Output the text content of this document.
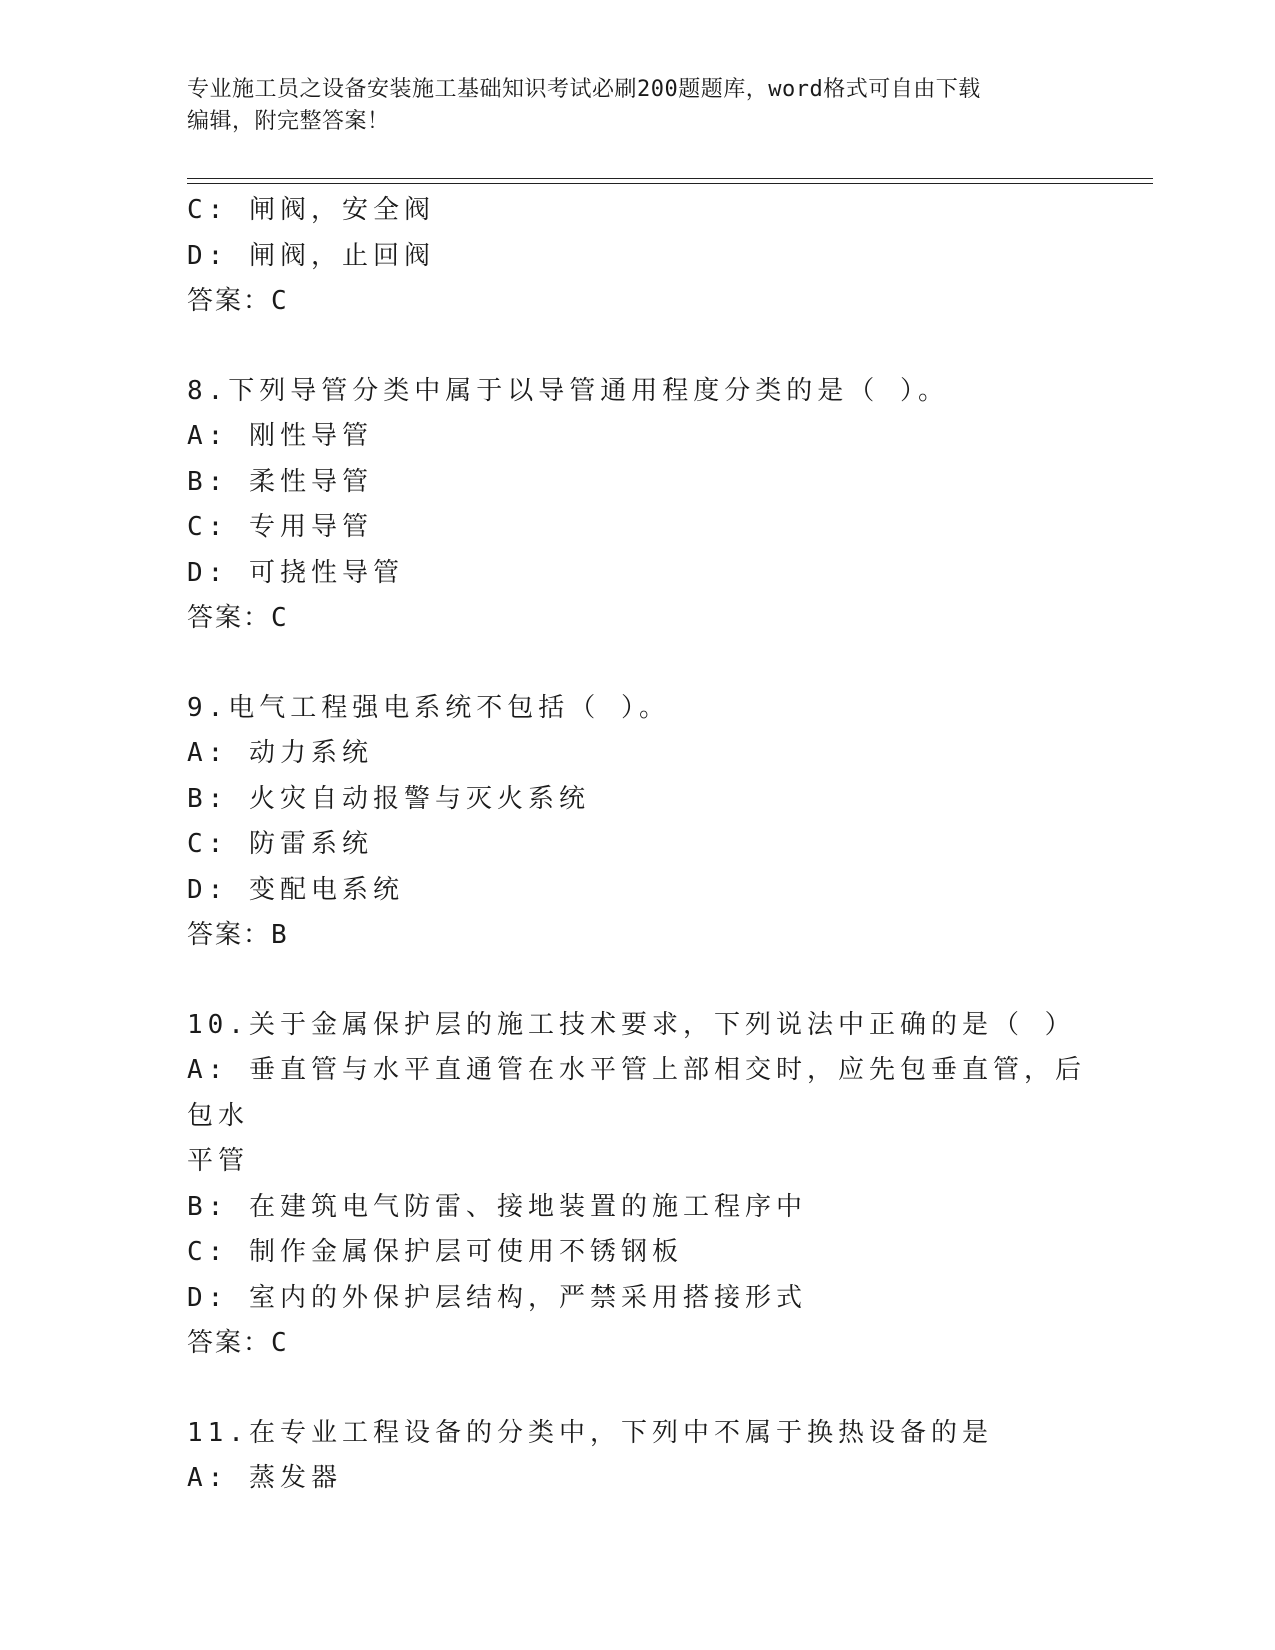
专业施工员之设备安装施工基础知识考试必刷200题题库，word格式可自由下载
编辑，附完整答案！
C: 闸阀，安全阀
D: 闸阀，止回阀
答案：C
8.下列导管分类中属于以导管通用程度分类的是（ ）。
A: 刚性导管
B: 柔性导管
C: 专用导管
D: 可挠性导管
答案：C
9.电气工程强电系统不包括（ ）。
A: 动力系统
B: 火灾自动报警与灭火系统
C: 防雷系统
D: 变配电系统
答案：B
10.关于金属保护层的施工技术要求，下列说法中正确的是（ ）
A: 垂直管与水平直通管在水平管上部相交时，应先包垂直管，后包水
平管
B: 在建筑电气防雷、接地装置的施工程序中
C: 制作金属保护层可使用不锈钢板
D: 室内的外保护层结构，严禁采用搭接形式
答案：C
11.在专业工程设备的分类中，下列中不属于换热设备的是
A: 蒸发器
